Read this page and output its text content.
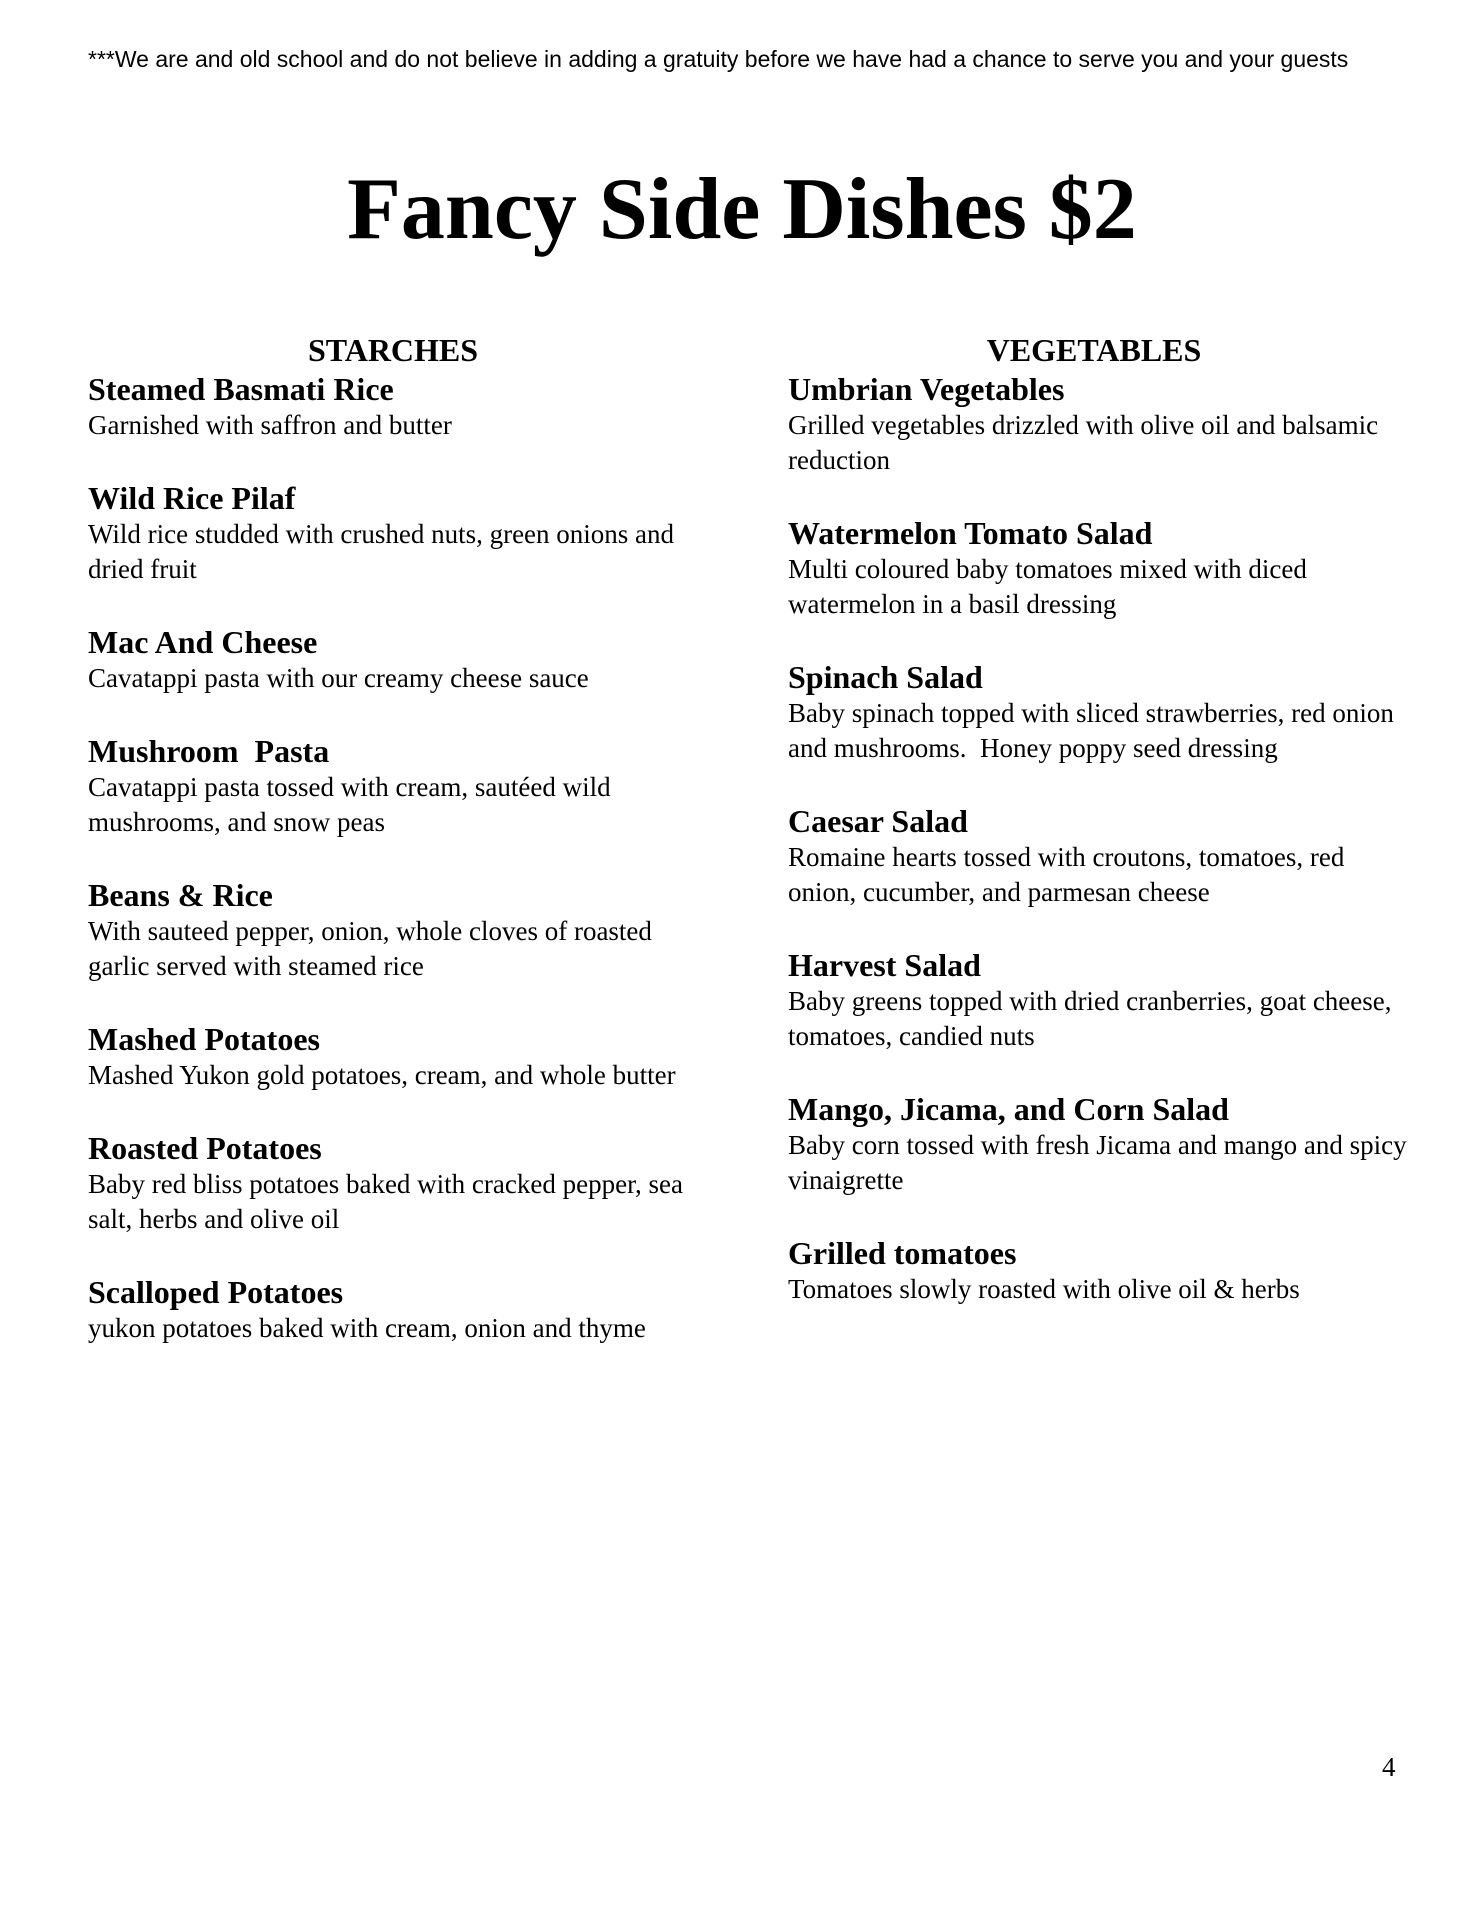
***We are and old school and do not believe in adding a gratuity before we have had a chance to serve you and your guests

Fancy Side Dishes $2
STARCHES

Steamed Basmati Rice

Garnished with saffron and butter

Wild Rice Pilaf

Wild rice studded with crushed nuts, green onions and dried fruit

Mac And Cheese

Cavatappi pasta with our creamy cheese sauce

Mushroom  Pasta

Cavatappi pasta tossed with cream, sautéed wild mushrooms, and snow peas

Beans & Rice

With sauteed pepper, onion, whole cloves of roasted garlic served with steamed rice

Mashed Potatoes

Mashed Yukon gold potatoes, cream, and whole butter

Roasted Potatoes

Baby red bliss potatoes baked with cracked pepper, sea salt, herbs and olive oil

Scalloped Potatoes

yukon potatoes baked with cream, onion and thyme

VEGETABLES

Umbrian Vegetables

Grilled vegetables drizzled with olive oil and balsamic reduction

Watermelon Tomato Salad

Multi coloured baby tomatoes mixed with diced watermelon in a basil dressing

Spinach Salad

Baby spinach topped with sliced strawberries, red onion and mushrooms.  Honey poppy seed dressing

Caesar Salad

Romaine hearts tossed with croutons, tomatoes, red onion, cucumber, and parmesan cheese

Harvest Salad

Baby greens topped with dried cranberries, goat cheese, tomatoes, candied nuts

Mango, Jicama, and Corn Salad

Baby corn tossed with fresh Jicama and mango and spicy vinaigrette

Grilled tomatoes

Tomatoes slowly roasted with olive oil & herbs

4
